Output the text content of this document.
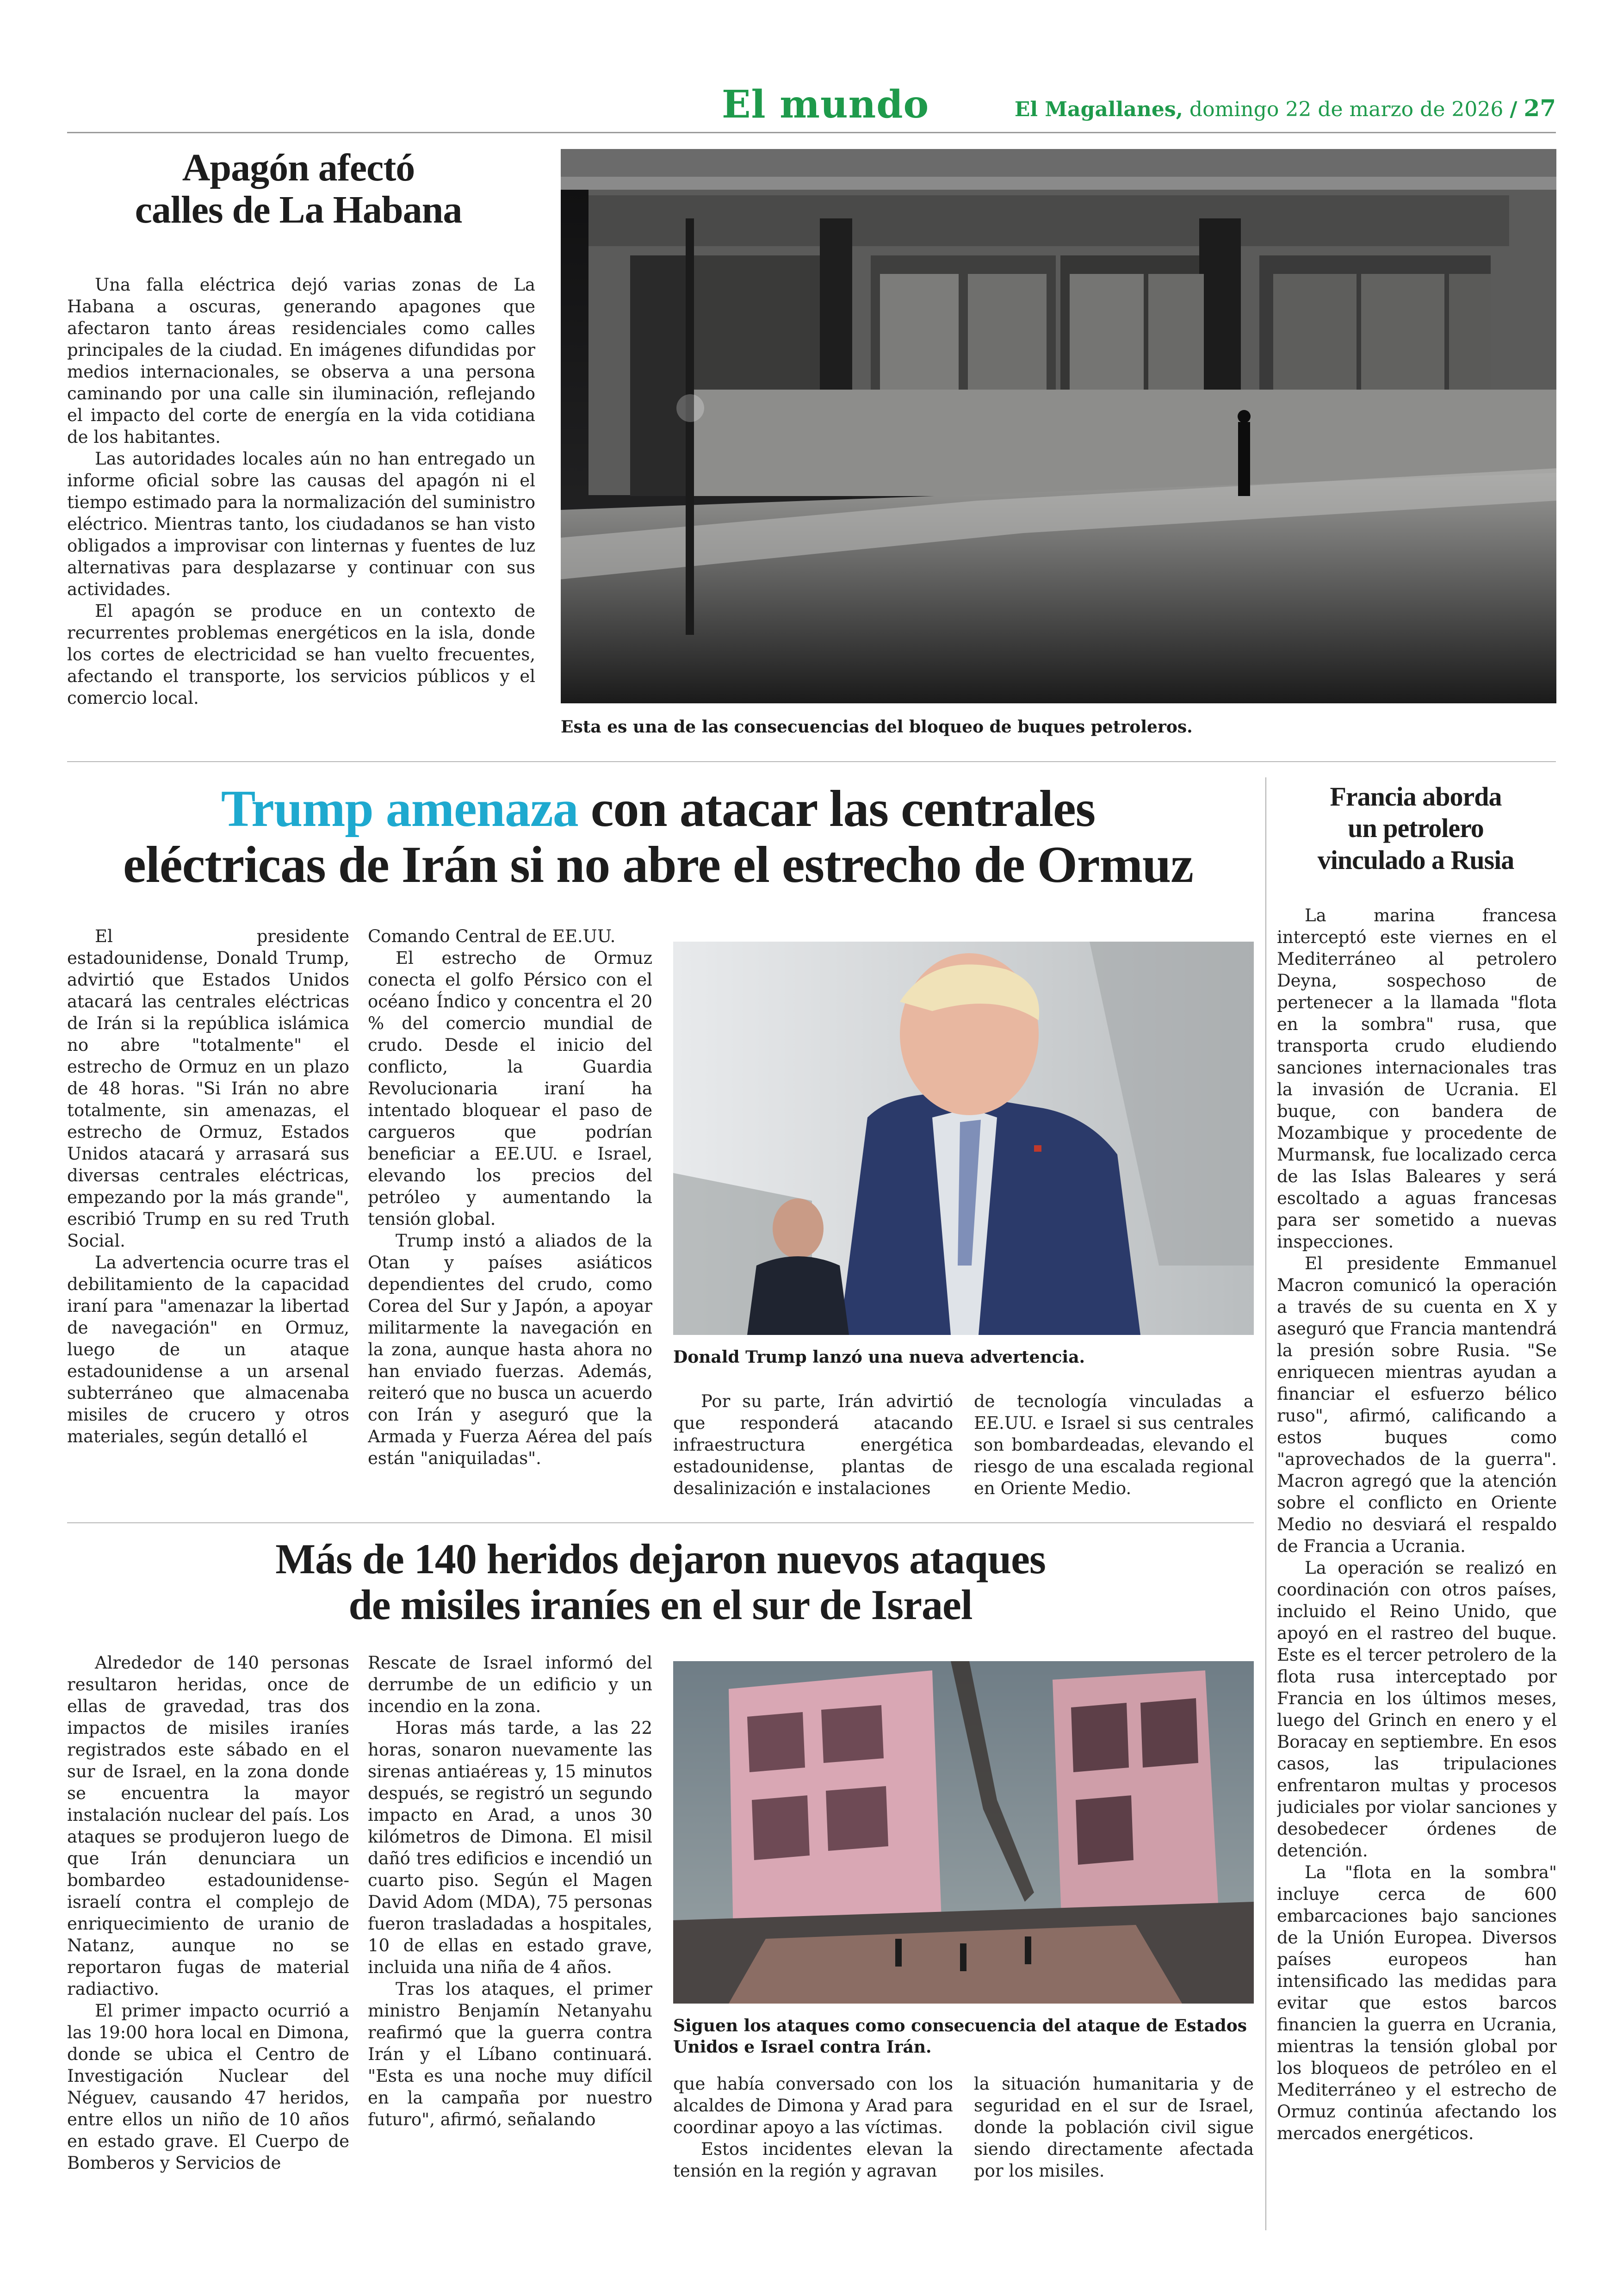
El mundo	El Magallanes, domingo 22 de marzo de 2026 / 27
Apagón afectó
calles de La Habana

Una falla eléctrica dejó varias zonas de La Habana a oscuras, generando apagones que afectaron tanto áreas residenciales como calles principales de la ciudad. En imágenes difundidas por medios internacionales, se observa a una persona caminando por una calle sin iluminación, reflejando el impacto del corte de energía en la vida cotidiana de los habitantes.

Las autoridades locales aún no han entregado un informe oficial sobre las causas del apagón ni el tiempo estimado para la normalización del suministro eléctrico. Mientras tanto, los ciudadanos se han visto obligados a improvisar con linternas y fuentes de luz alternativas para desplazarse y continuar con sus actividades.

El apagón se produce en un contexto de recurrentes problemas energéticos en la isla, donde los cortes de electricidad se han vuelto frecuentes, afectando el transporte, los servicios públicos y el comercio local.

Esta es una de las consecuencias del bloqueo de buques petroleros.
Trump amenaza con atacar las centrales
eléctricas de Irán si no abre el estrecho de Ormuz

El presidente estadounidense, Donald Trump, advirtió que Estados Unidos atacará las centrales eléctricas de Irán si la república islámica no abre "totalmente" el estrecho de Ormuz en un plazo de 48 horas. "Si Irán no abre totalmente, sin amenazas, el estrecho de Ormuz, Estados Unidos atacará y arrasará sus diversas centrales eléctricas, empezando por la más grande", escribió Trump en su red Truth Social.

La advertencia ocurre tras el debilitamiento de la capacidad iraní para "amenazar la libertad de navegación" en Ormuz, luego de un ataque estadounidense a un arsenal subterráneo que almacenaba misiles de crucero y otros materiales, según detalló el

Comando Central de EE.UU.

El estrecho de Ormuz conecta el golfo Pérsico con el océano Índico y concentra el 20 % del comercio mundial de crudo. Desde el inicio del conflicto, la Guardia Revolucionaria iraní ha intentado bloquear el paso de cargueros que podrían beneficiar a EE.UU. e Israel, elevando los precios del petróleo y aumentando la tensión global.

Trump instó a aliados de la Otan y países asiáticos dependientes del crudo, como Corea del Sur y Japón, a apoyar militarmente la navegación en la zona, aunque hasta ahora no han enviado fuerzas. Además, reiteró que no busca un acuerdo con Irán y aseguró que la Armada y Fuerza Aérea del país están "aniquiladas".

Donald Trump lanzó una nueva advertencia.

Por su parte, Irán advirtió que responderá atacando infraestructura energética estadounidense, plantas de desalinización e instalaciones

de tecnología vinculadas a EE.UU. e Israel si sus centrales son bombardeadas, elevando el riesgo de una escalada regional en Oriente Medio.
Más de 140 heridos dejaron nuevos ataques
de misiles iraníes en el sur de Israel

Alrededor de 140 personas resultaron heridas, once de ellas de gravedad, tras dos impactos de misiles iraníes registrados este sábado en el sur de Israel, en la zona donde se encuentra la mayor instalación nuclear del país. Los ataques se produjeron luego de que Irán denunciara un bombardeo estadounidense-israelí contra el complejo de enriquecimiento de uranio de Natanz, aunque no se reportaron fugas de material radiactivo.

El primer impacto ocurrió a las 19:00 hora local en Dimona, donde se ubica el Centro de Investigación Nuclear del Néguev, causando 47 heridos, entre ellos un niño de 10 años en estado grave. El Cuerpo de Bomberos y Servicios de

Rescate de Israel informó del derrumbe de un edificio y un incendio en la zona.

Horas más tarde, a las 22 horas, sonaron nuevamente las sirenas antiaéreas y, 15 minutos después, se registró un segundo impacto en Arad, a unos 30 kilómetros de Dimona. El misil dañó tres edificios e incendió un cuarto piso. Según el Magen David Adom (MDA), 75 personas fueron trasladadas a hospitales, 10 de ellas en estado grave, incluida una niña de 4 años.

Tras los ataques, el primer ministro Benjamín Netanyahu reafirmó que la guerra contra Irán y el Líbano continuará. "Esta es una noche muy difícil en la campaña por nuestro futuro", afirmó, señalando

Siguen los ataques como consecuencia del ataque de Estados Unidos e Israel contra Irán.
que había conversado con los alcaldes de Dimona y Arad para coordinar apoyo a las víctimas.

Estos incidentes elevan la tensión en la región y agravan

la situación humanitaria y de seguridad en el sur de Israel, donde la población civil sigue siendo directamente afectada por los misiles.
Francia aborda
un petrolero
vinculado a Rusia

La marina francesa interceptó este viernes en el Mediterráneo al petrolero Deyna, sospechoso de pertenecer a la llamada "flota en la sombra" rusa, que transporta crudo eludiendo sanciones internacionales tras la invasión de Ucrania. El buque, con bandera de Mozambique y procedente de Murmansk, fue localizado cerca de las Islas Baleares y será escoltado a aguas francesas para ser sometido a nuevas inspecciones.

El presidente Emmanuel Macron comunicó la operación a través de su cuenta en X y aseguró que Francia mantendrá la presión sobre Rusia. "Se enriquecen mientras ayudan a financiar el esfuerzo bélico ruso", afirmó, calificando a estos buques como "aprovechados de la guerra". Macron agregó que la atención sobre el conflicto en Oriente Medio no desviará el respaldo de Francia a Ucrania.

La operación se realizó en coordinación con otros países, incluido el Reino Unido, que apoyó en el rastreo del buque. Este es el tercer petrolero de la flota rusa interceptado por Francia en los últimos meses, luego del Grinch en enero y el Boracay en septiembre. En esos casos, las tripulaciones enfrentaron multas y procesos judiciales por violar sanciones y desobedecer órdenes de detención.

La "flota en la sombra" incluye cerca de 600 embarcaciones bajo sanciones de la Unión Europea. Diversos países europeos han intensificado las medidas para evitar que estos barcos financien la guerra en Ucrania, mientras la tensión global por los bloqueos de petróleo en el Mediterráneo y el estrecho de Ormuz continúa afectando los mercados energéticos.
